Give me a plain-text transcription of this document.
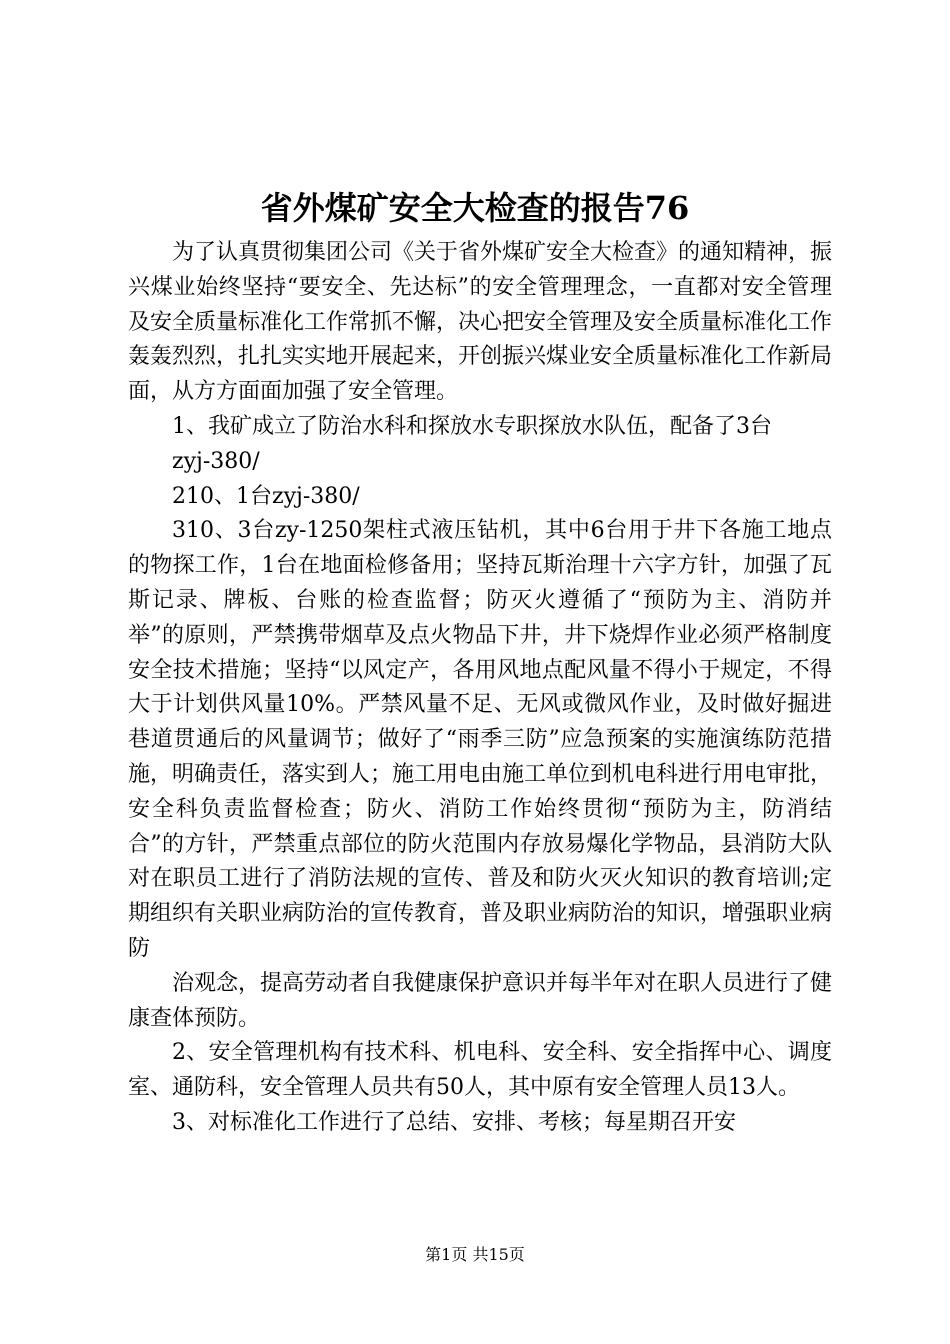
省外煤矿安全大检查的报告76

为了认真贯彻集团公司《关于省外煤矿安全大检查》的通知精神，振兴煤业始终坚持“要安全、先达标”的安全管理理念，一直都对安全管理及安全质量标准化工作常抓不懈，决心把安全管理及安全质量标准化工作轰轰烈烈，扎扎实实地开展起来，开创振兴煤业安全质量标准化工作新局面，从方方面面加强了安全管理。

1、我矿成立了防治水科和探放水专职探放水队伍，配备了3台

zyj-380/

210、1台zyj-380/

310、3台zy-1250架柱式液压钻机，其中6台用于井下各施工地点的物探工作，1台在地面检修备用；坚持瓦斯治理十六字方针，加强了瓦斯记录、牌板、台账的检查监督；防灭火遵循了“预防为主、消防并举”的原则，严禁携带烟草及点火物品下井，井下烧焊作业必须严格制度安全技术措施；坚持“以风定产，各用风地点配风量不得小于规定，不得大于计划供风量10%。严禁风量不足、无风或微风作业，及时做好掘进巷道贯通后的风量调节；做好了“雨季三防”应急预案的实施演练防范措施，明确责任，落实到人；施工用电由施工单位到机电科进行用电审批，安全科负责监督检查；防火、消防工作始终贯彻“预防为主，防消结合”的方针，严禁重点部位的防火范围内存放易爆化学物品，县消防大队对在职员工进行了消防法规的宣传、普及和防火灭火知识的教育培训;定期组织有关职业病防治的宣传教育，普及职业病防治的知识，增强职业病防

治观念，提高劳动者自我健康保护意识并每半年对在职人员进行了健康查体预防。

2、安全管理机构有技术科、机电科、安全科、安全指挥中心、调度室、通防科，安全管理人员共有50人，其中原有安全管理人员13人。

3、对标准化工作进行了总结、安排、考核；每星期召开安

第1页 共15页
